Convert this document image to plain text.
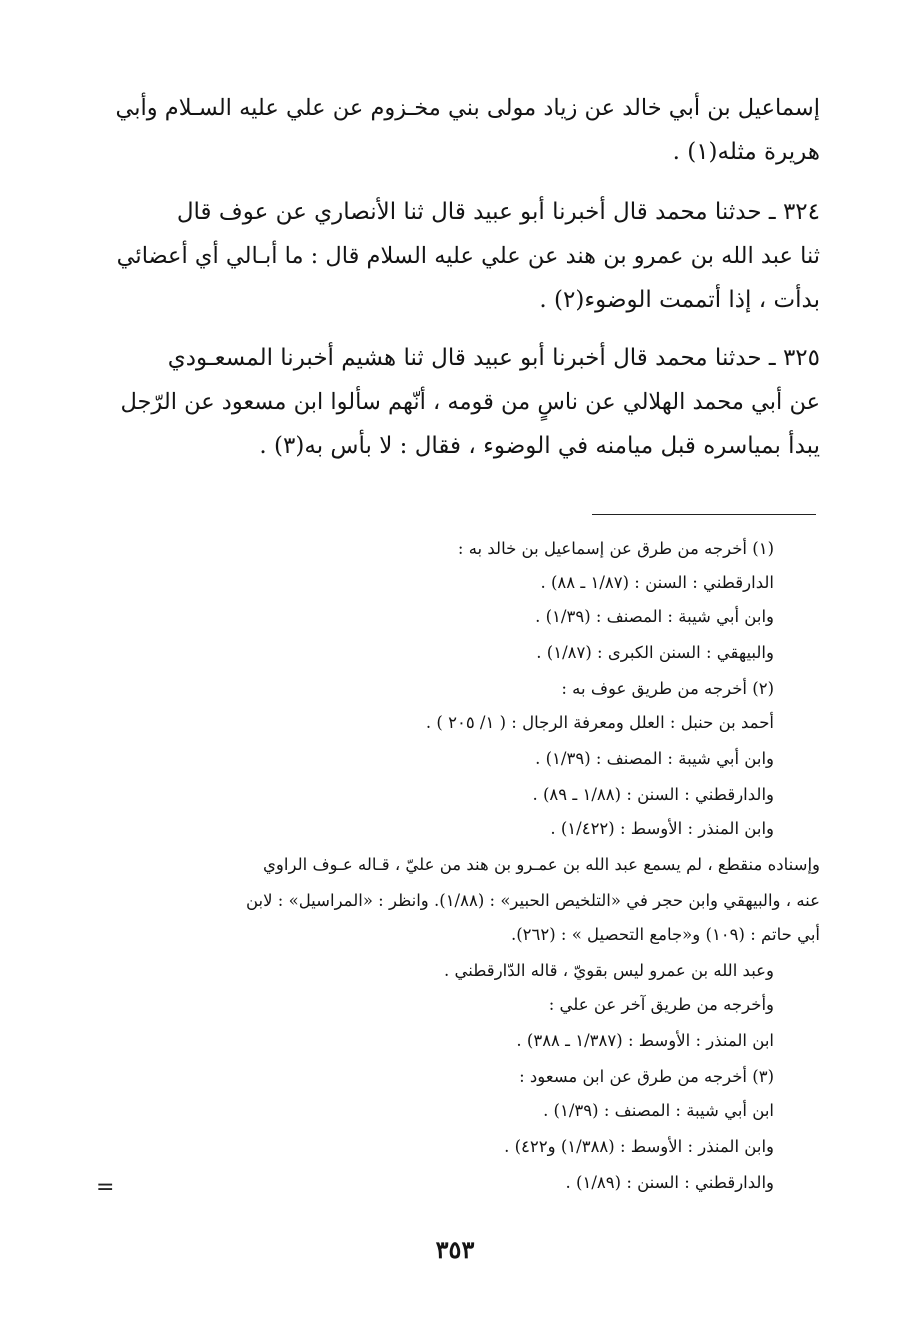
إسماعيل بن أبي خالد عن زياد مولى بني مخـزوم عن علي عليه السـلام وأبي
هريرة مثله(١) .
٣٢٤ ـ حدثنا محمد قال أخبرنا أبو عبيد قال ثنا الأنصاري عن عوف قال
ثنا عبد الله بن عمرو بن هند عن علي عليه السلام قال : ما أبـالي أي أعضائي
بدأت ، إذا أتممت الوضوء(٢) .
٣٢٥ ـ حدثنا محمد قال أخبرنا أبو عبيد قال ثنا هشيم أخبرنا المسعـودي
عن أبي محمد الهلالي عن ناسٍ من قومه ، أنّهم سألوا ابن مسعود عن الرّجل
يبدأ بمياسره قبل ميامنه في الوضوء ، فقال : لا بأس به(٣) .

(١) أخرجه من طرق عن إسماعيل بن خالد به :

الدارقطني : السنن : (١/٨٧ ـ ٨٨) .

وابن أبي شيبة : المصنف : (١/٣٩) .

والبيهقي : السنن الكبرى : (١/٨٧) .

(٢) أخرجه من طريق عوف به :

أحمد بن حنبل : العلل ومعرفة الرجال : ( ١/ ٢٠٥ ) .

وابن أبي شيبة : المصنف : (١/٣٩) .

والدارقطني : السنن : (١/٨٨ ـ ٨٩) .

وابن المنذر : الأوسط : (١/٤٢٢) .

وإسناده منقطع ، لم يسمع عبد الله بن عمـرو بن هند من عليّ ، قـاله عـوف الراوي

عنه ، والبيهقي وابن حجر في «التلخيص الحبير» : (١/٨٨). وانظر : «المراسيل» : لابن

أبي حاتم : (١٠٩) و«جامع التحصيل » : (٢٦٢).

وعبد الله بن عمرو ليس بقويّ ، قاله الدّارقطني .

وأخرجه من طريق آخر عن علي :

ابن المنذر : الأوسط : (١/٣٨٧ ـ ٣٨٨) .

(٣) أخرجه من طرق عن ابن مسعود :

ابن أبي شيبة : المصنف : (١/٣٩) .

وابن المنذر : الأوسط : (١/٣٨٨) و٤٢٢) .

والدارقطني : السنن : (١/٨٩) .

=
٣٥٣
